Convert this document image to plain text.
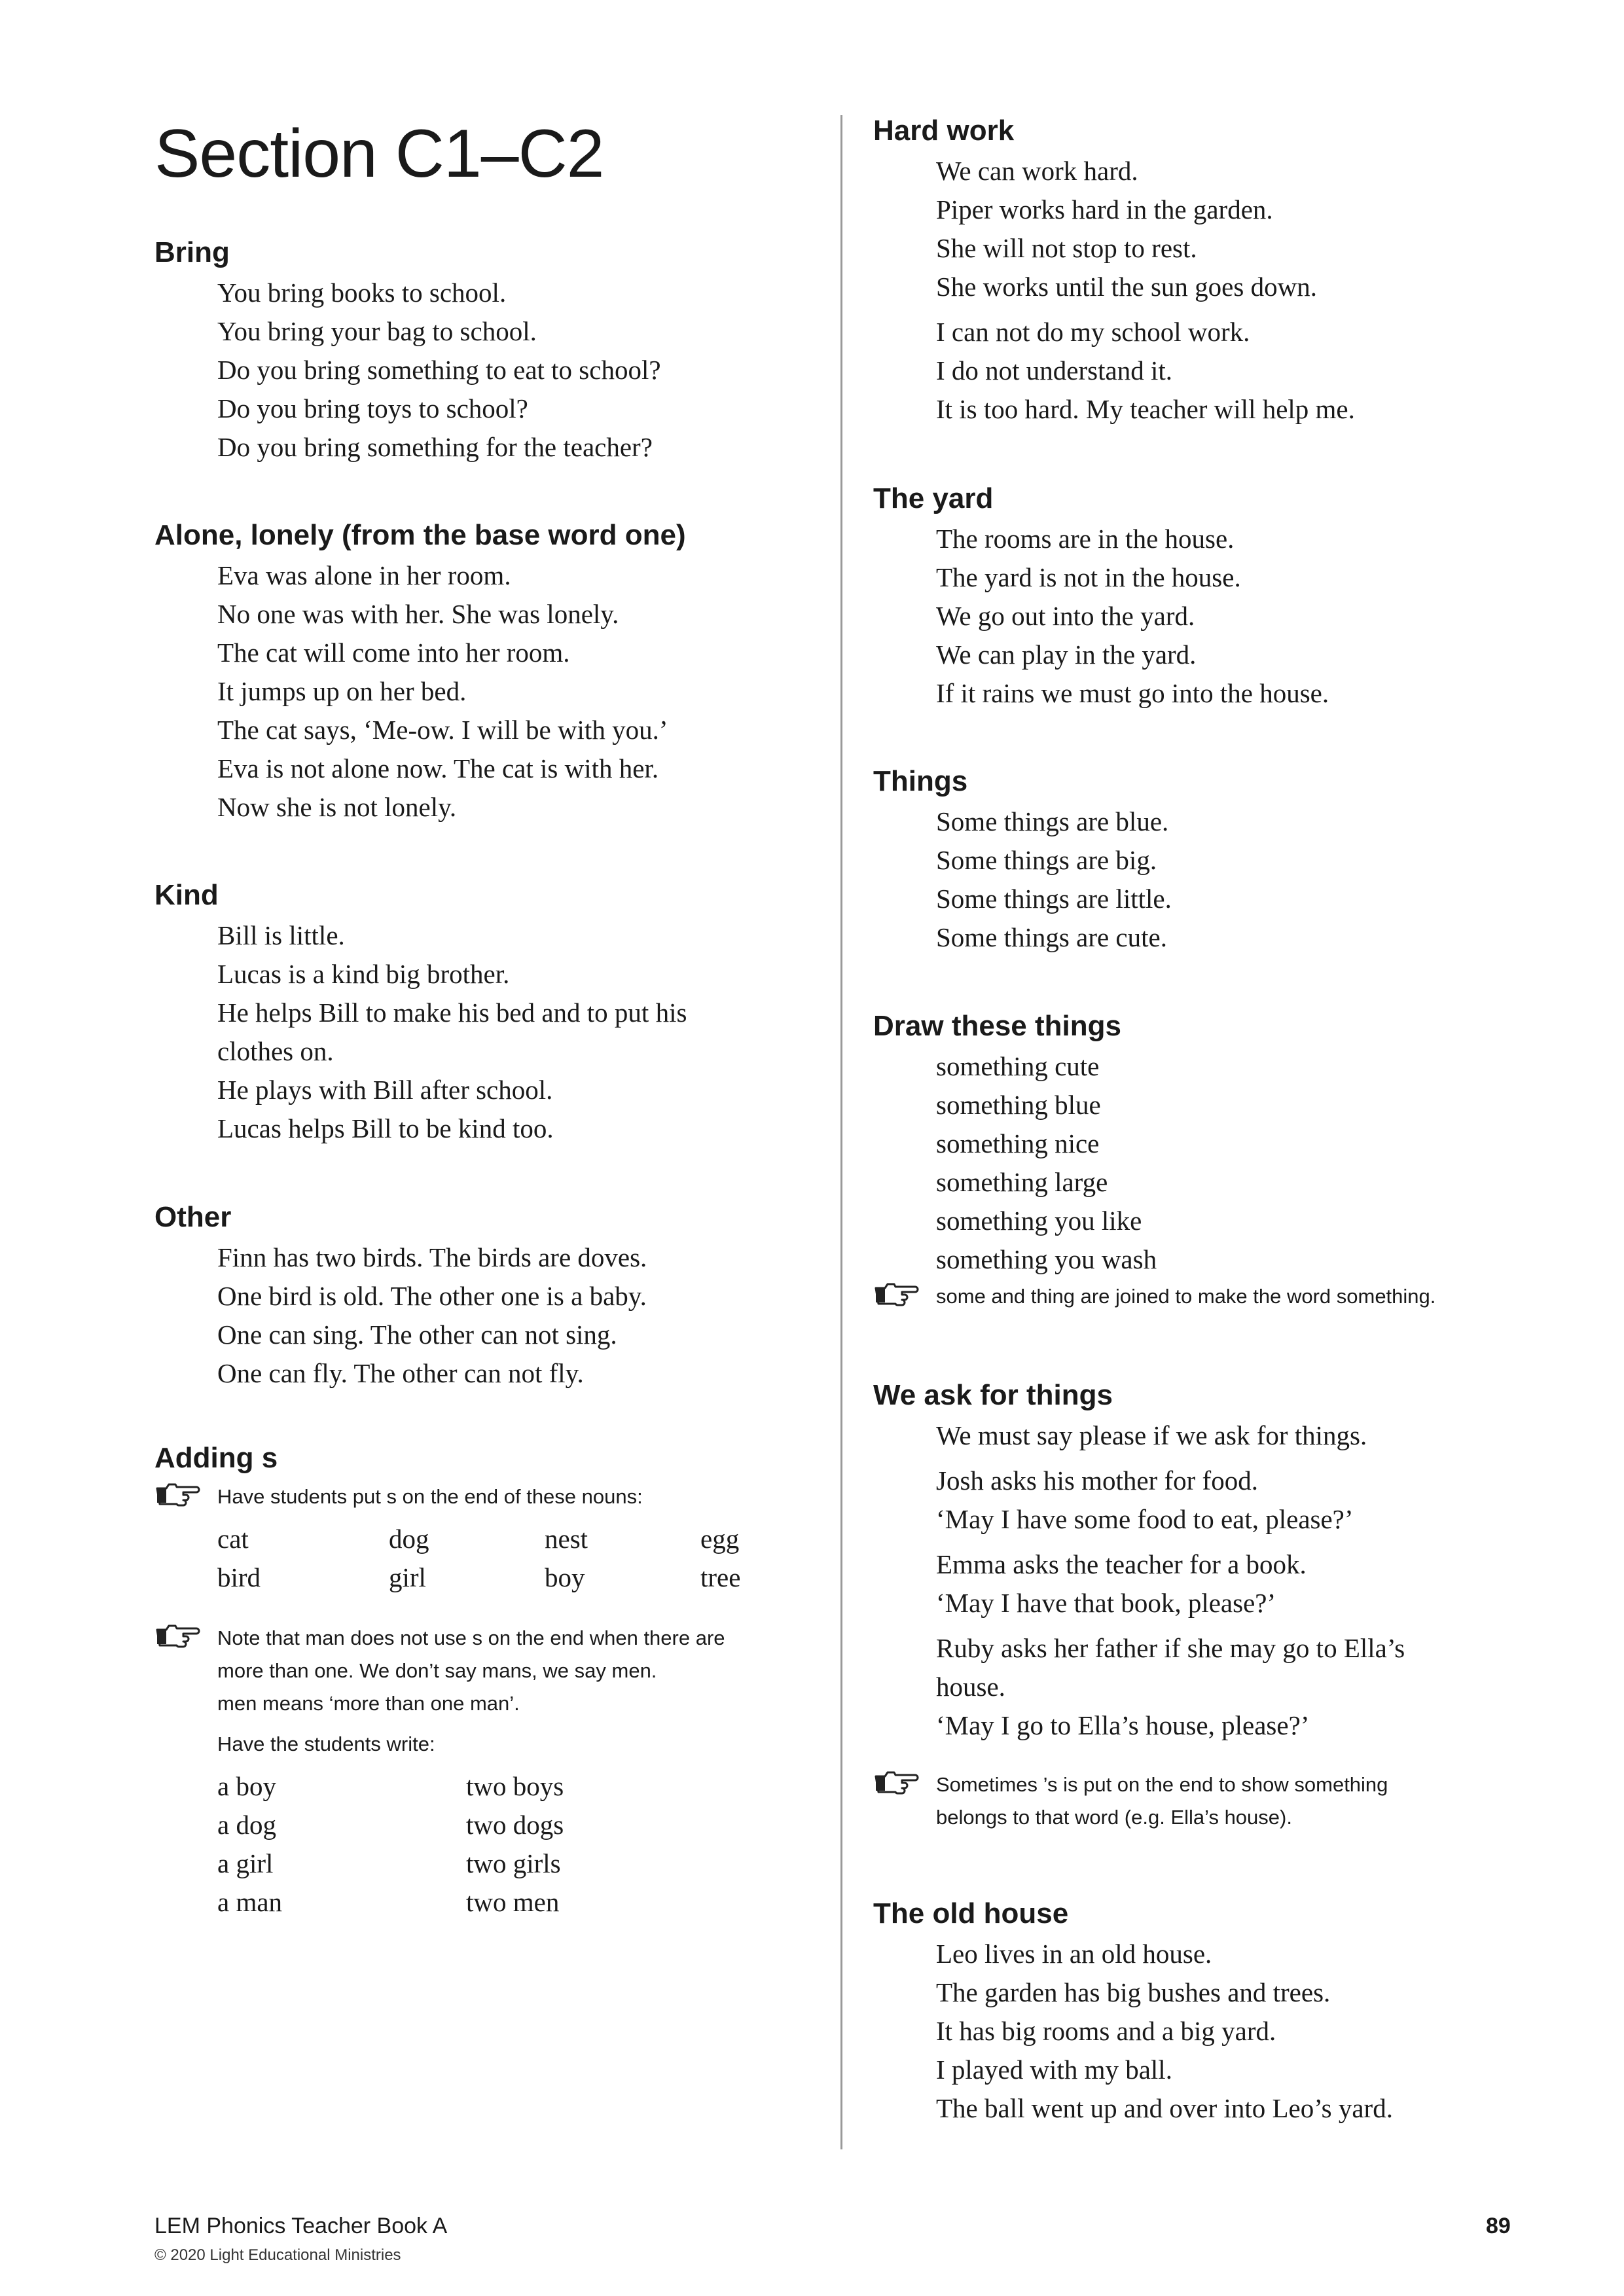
Section C1–C2
Bring

You bring books to school.

You bring your bag to school.

Do you bring something to eat to school?

Do you bring toys to school?

Do you bring something for the teacher?

Alone, lonely (from the base word one)

Eva was alone in her room.

No one was with her. She was lonely.

The cat will come into her room.

It jumps up on her bed.

The cat says, ‘Me-ow. I will be with you.’

Eva is not alone now. The cat is with her.

Now she is not lonely.

Kind

Bill is little.

Lucas is a kind big brother.

He helps Bill to make his bed and to put his

clothes on.

He plays with Bill after school.

Lucas helps Bill to be kind too.

Other

Finn has two birds. The birds are doves.

One bird is old. The other one is a baby.

One can sing. The other can not sing.

One can fly. The other can not fly.

Adding s

Have students put s on the end of these nouns:

cat	dog	nest	egg
bird	girl	boy	tree

Note that man does not use s on the end when there are

more than one. We don’t say mans, we say men.

men means ‘more than one man’.

Have the students write:

a boy	two boys
a dog	two dogs
a girl	two girls
a man	two men
Hard work

We can work hard.

Piper works hard in the garden.

She will not stop to rest.

She works until the sun goes down.

I can not do my school work.

I do not understand it.

It is too hard. My teacher will help me.

The yard

The rooms are in the house.

The yard is not in the house.

We go out into the yard.

We can play in the yard.

If it rains we must go into the house.

Things

Some things are blue.

Some things are big.

Some things are little.

Some things are cute.

Draw these things

something cute

something blue

something nice

something large

something you like

something you wash

some and thing are joined to make the word something.

We ask for things

We must say please if we ask for things.

Josh asks his mother for food.

‘May I have some food to eat, please?’

Emma asks the teacher for a book.

‘May I have that book, please?’

Ruby asks her father if she may go to Ella’s

house.

‘May I go to Ella’s house, please?’

Sometimes ’s is put on the end to show something

belongs to that word (e.g. Ella’s house).

The old house

Leo lives in an old house.

The garden has big bushes and trees.

It has big rooms and a big yard.

I played with my ball.

The ball went up and over into Leo’s yard.

LEM Phonics Teacher Book A
© 2020 Light Educational Ministries
89
